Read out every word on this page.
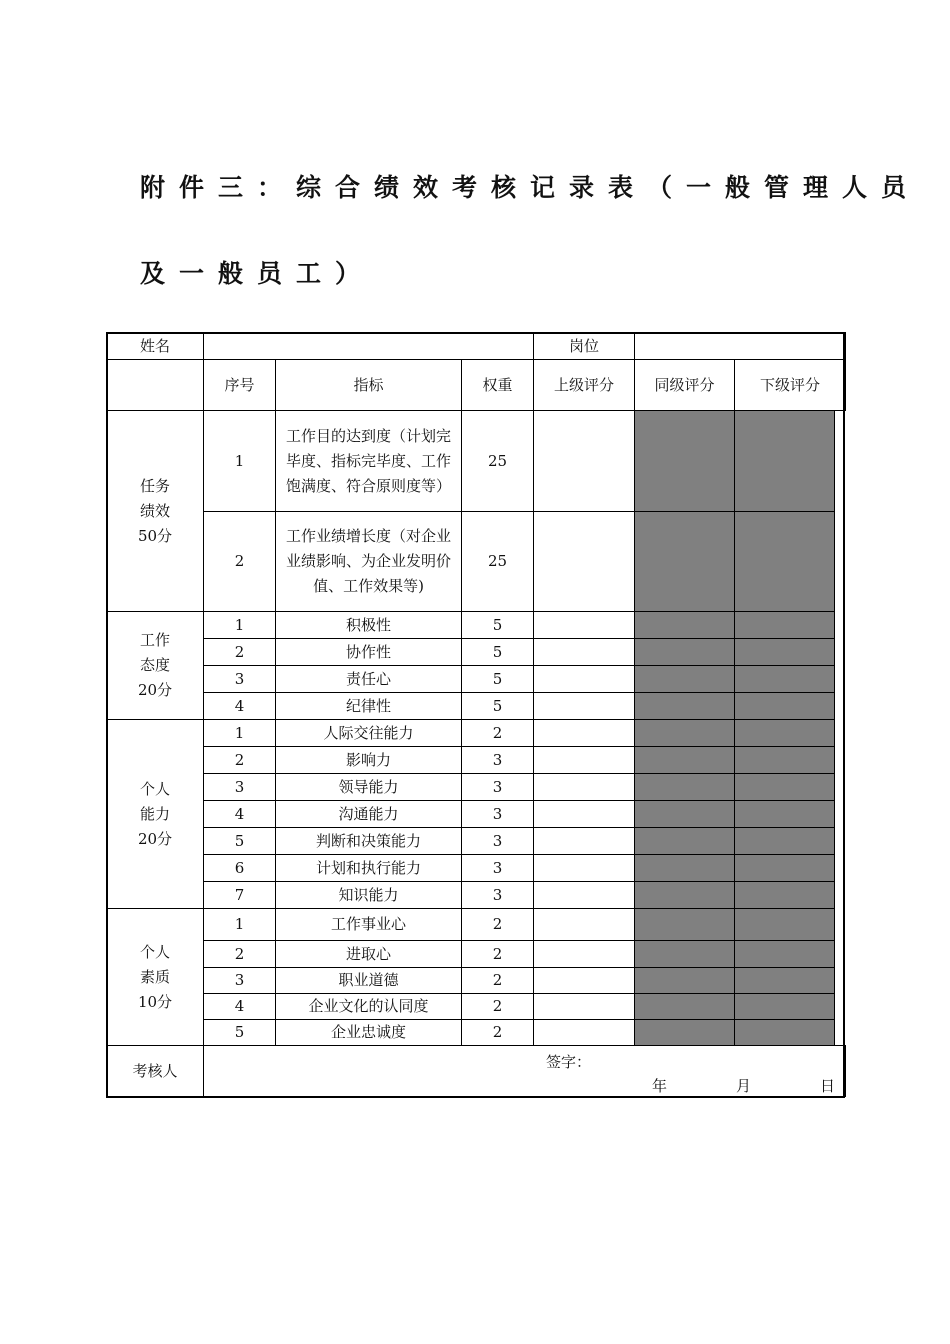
附件三：综合绩效考核记录表（一般管理人员
及一般员工）
姓名				岗位			
	序号	指标	权重	上级评分	同级评分	下级评分	
任务绩效50分	1	工作目的达到度（计划完毕度、指标完毕度、工作饱满度、符合原则度等）	25				
	2	工作业绩增长度（对企业业绩影响、为企业发明价值、工作效果等)	25				
工作态度20分	1	积极性	5				
	2	协作性	5				
	3	责任心	5				
	4	纪律性	5				
个人能力20分	1	人际交往能力	2				
	2	影响力	3				
	3	领导能力	3				
	4	沟通能力	3				
	5	判断和决策能力	3				
	6	计划和执行能力	3				
	7	知识能力	3				
个人素质10分	1	工作事业心	2				
	2	进取心	2				
	3	职业道德	2				
	4	企业文化的认同度	2				
	5	企业忠诚度	2				
考核人	签字：
年 月 日						
